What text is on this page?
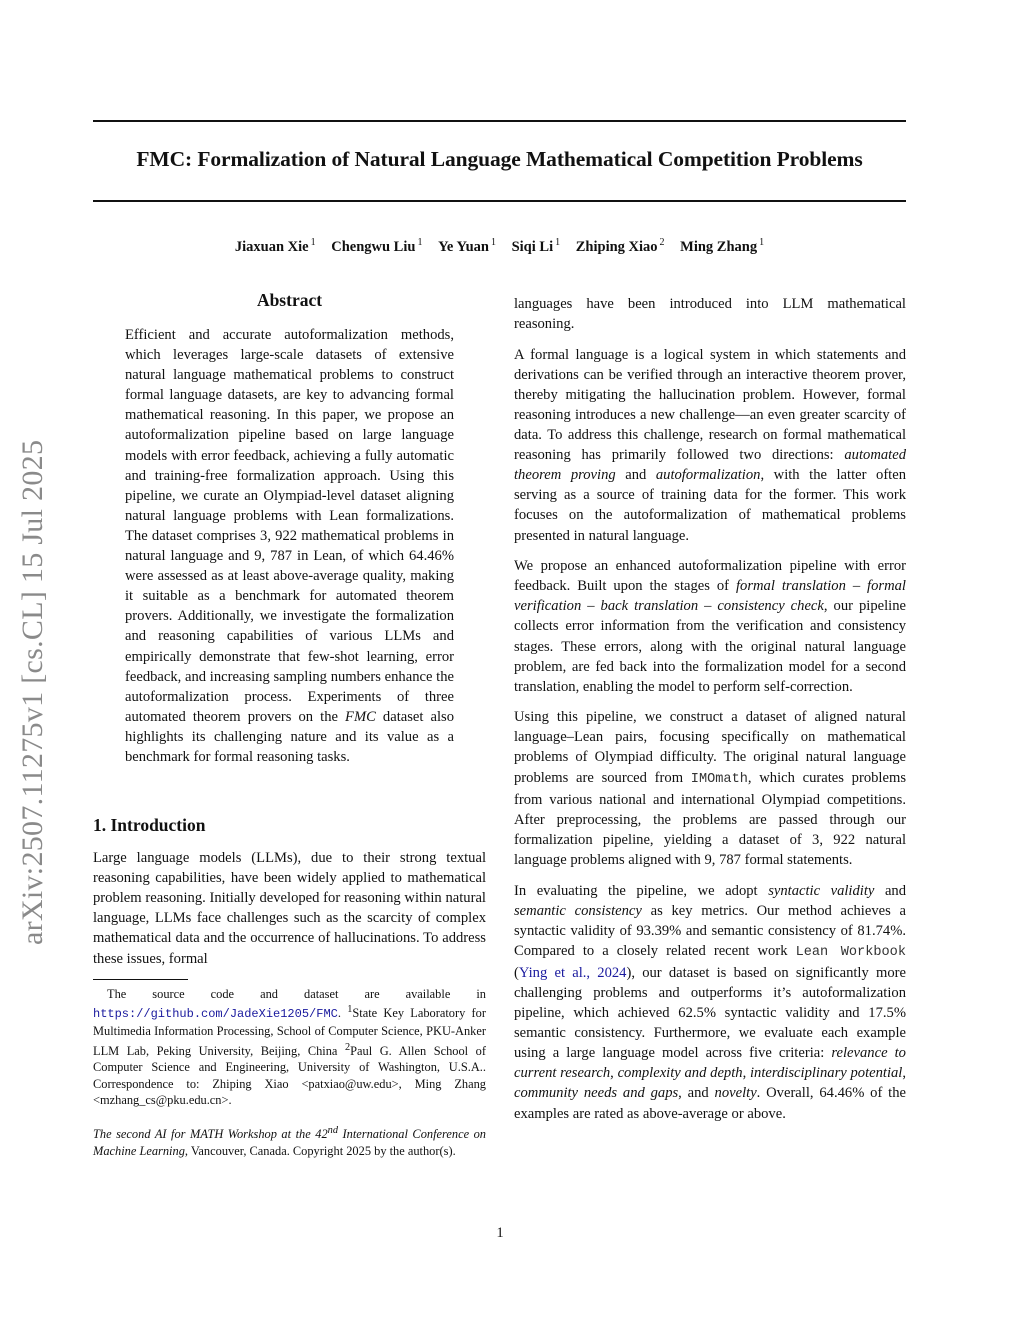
FMC: Formalization of Natural Language Mathematical Competition Problems
Jiaxuan Xie $^1$ Chengwu Liu $^1$ Ye Yuan $^1$ Siqi Li $^1$ Zhiping Xiao $^2$ Ming Zhang $^1$
arXiv:2507.11275v1 [cs.CL] 15 Jul 2025
Abstract
Efficient and accurate autoformalization methods, which leverages large-scale datasets of extensive natural language mathematical problems to construct formal language datasets, are key to advancing formal mathematical reasoning. In this paper, we propose an autoformalization pipeline based on large language models with error feedback, achieving a fully automatic and training-free formalization approach. Using this pipeline, we curate an Olympiad-level dataset aligning natural language problems with Lean formalizations. The dataset comprises 3, 922 mathematical problems in natural language and 9, 787 in Lean, of which 64.46% were assessed as at least above-average quality, making it suitable as a benchmark for automated theorem provers. Additionally, we investigate the formalization and reasoning capabilities of various LLMs and empirically demonstrate that few-shot learning, error feedback, and increasing sampling numbers enhance the autoformalization process. Experiments of three automated theorem provers on the FMC dataset also highlights its challenging nature and its value as a benchmark for formal reasoning tasks.
1. Introduction

Large language models (LLMs), due to their strong textual reasoning capabilities, have been widely applied to mathematical problem reasoning. Initially developed for reasoning within natural language, LLMs face challenges such as the scarcity of complex mathematical data and the occurrence of hallucinations. To address these issues, formal

The source code and dataset are available in https://github.com/JadeXie1205/FMC. $^1$State Key Laboratory for Multimedia Information Processing, School of Computer Science, PKU-Anker LLM Lab, Peking University, Beijing, China $^2$Paul G. Allen School of Computer Science and Engineering, University of Washington, U.S.A.. Correspondence to: Zhiping Xiao <patxiao@uw.edu>, Ming Zhang <mzhang_cs@pku.edu.cn>.

The second AI for MATH Workshop at the 42nd International Conference on Machine Learning, Vancouver, Canada. Copyright 2025 by the author(s).

languages have been introduced into LLM mathematical reasoning.

A formal language is a logical system in which statements and derivations can be verified through an interactive theorem prover, thereby mitigating the hallucination problem. However, formal reasoning introduces a new challenge—an even greater scarcity of data. To address this challenge, research on formal mathematical reasoning has primarily followed two directions: automated theorem proving and autoformalization, with the latter often serving as a source of training data for the former. This work focuses on the autoformalization of mathematical problems presented in natural language.

We propose an enhanced autoformalization pipeline with error feedback. Built upon the stages of formal translation – formal verification – back translation – consistency check, our pipeline collects error information from the verification and consistency stages. These errors, along with the original natural language problem, are fed back into the formalization model for a second translation, enabling the model to perform self-correction.

Using this pipeline, we construct a dataset of aligned natural language–Lean pairs, focusing specifically on mathematical problems of Olympiad difficulty. The original natural language problems are sourced from IMOmath, which curates problems from various national and international Olympiad competitions. After preprocessing, the problems are passed through our formalization pipeline, yielding a dataset of 3, 922 natural language problems aligned with 9, 787 formal statements.

In evaluating the pipeline, we adopt syntactic validity and semantic consistency as key metrics. Our method achieves a syntactic validity of 93.39% and semantic consistency of 81.74%. Compared to a closely related recent work Lean Workbook (Ying et al., 2024), our dataset is based on significantly more challenging problems and outperforms it’s autoformalization pipeline, which achieved 62.5% syntactic validity and 17.5% semantic consistency. Furthermore, we evaluate each example using a large language model across five criteria: relevance to current research, complexity and depth, interdisciplinary potential, community needs and gaps, and novelty. Overall, 64.46% of the examples are rated as above-average or above.

1
